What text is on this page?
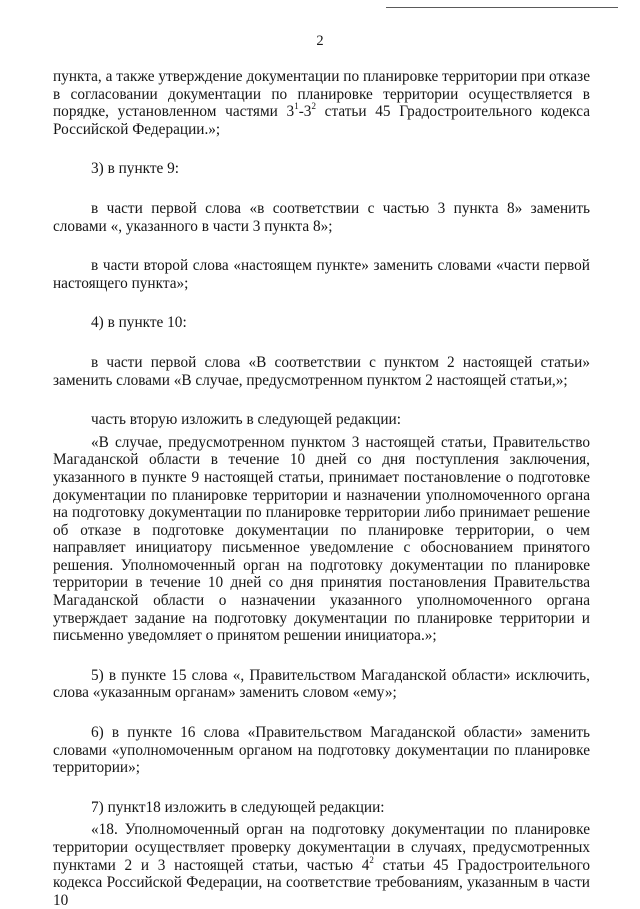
2

пункта, а также утверждение документации по планировке территории при отказе в согласовании документации по планировке территории осуществляется в порядке, установленном частями $3^1-3^2$ статьи 45 Градостроительного кодекса Российской Федерации.»;

3) в пункте 9:

в части первой слова «в соответствии с частью 3 пункта 8» заменить словами «, указанного в части 3 пункта 8»;

в части второй слова «настоящем пункте» заменить словами «части первой настоящего пункта»;

4) в пункте 10:

в части первой слова «В соответствии с пунктом 2 настоящей статьи» заменить словами «В случае, предусмотренном пунктом 2 настоящей статьи,»;

часть вторую изложить в следующей редакции:

«В случае, предусмотренном пунктом 3 настоящей статьи, Правительство Магаданской области в течение 10 дней со дня поступления заключения, указанного в пункте 9 настоящей статьи, принимает постановление о подготовке документации по планировке территории и назначении уполномоченного органа на подготовку документации по планировке территории либо принимает решение об отказе в подготовке документации по планировке территории, о чем направляет инициатору письменное уведомление с обоснованием принятого решения. Уполномоченный орган на подготовку документации по планировке территории в течение 10 дней со дня принятия постановления Правительства Магаданской области о назначении указанного уполномоченного органа утверждает задание на подготовку документации по планировке территории и письменно уведомляет о принятом решении инициатора.»;

5) в пункте 15 слова «, Правительством Магаданской области» исключить, слова «указанным органам» заменить словом «ему»;

6) в пункте 16 слова «Правительством Магаданской области» заменить словами «уполномоченным органом на подготовку документации по планировке территории»;

7) пункт18 изложить в следующей редакции:

«18. Уполномоченный орган на подготовку документации по планировке территории осуществляет проверку документации в случаях, предусмотренных пунктами 2 и 3 настоящей статьи, частью $4^2$ статьи 45 Градостроительного кодекса Российской Федерации, на соответствие требованиям, указанным в части 10
